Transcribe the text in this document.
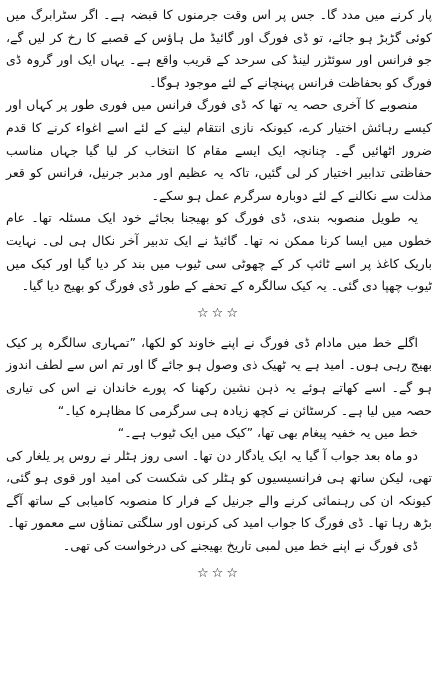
پار کرنے میں مدد گا۔ جس پر اس وقت جرمنوں کا قبضہ ہے۔ اگر سٹرابرگ میں کوئی گڑبڑ ہو جائے، تو ڈی فورگ اور گائیڈ مل ہاؤس کے قصبے کا رخ کر لیں گے، جو فرانس اور سوئٹزر لینڈ کی سرحد کے قریب واقع ہے۔ یہاں ایک اور گروہ ڈی فورگ کو بحفاظت فرانس پہنچانے کے لئے موجود ہوگا۔

منصوبے کا آخری حصہ یہ تھا کہ ڈی فورگ فرانس میں فوری طور پر کہاں اور کیسے رہائش اختیار کرے، کیونکہ نازی انتقام لینے کے لئے اسے اغواء کرنے کا قدم ضرور اٹھائیں گے۔ چنانچہ ایک ایسے مقام کا انتخاب کر لیا گیا جہاں مناسب حفاظتی تدابیر اختیار کر لی گئیں، تاکہ یہ عظیم اور مدبر جرنیل، فرانس کو قعر مذلت سے نکالنے کے لئے دوبارہ سرگرم عمل ہو سکے۔

یہ طویل منصوبہ بندی، ڈی فورگ کو بھیجنا بجائے خود ایک مسئلہ تھا۔ عام خطوں میں ایسا کرنا ممکن نہ تھا۔ گائیڈ نے ایک تدبیر آخر نکال ہی لی۔ نہایت باریک کاغذ پر اسے ٹائپ کر کے چھوٹی سی ٹیوب میں بند کر دیا گیا اور کیک میں ٹیوب چھپا دی گئی۔ یہ کیک سالگرہ کے تحفے کے طور ڈی فورگ کو بھیج دیا گیا۔

☆☆☆

اگلے خط میں مادام ڈی فورگ نے اپنے خاوند کو لکھا، ”تمہاری سالگرہ پر کیک بھیج رہی ہوں۔ امید ہے یہ ٹھیک ذی وصول ہو جائے گا اور تم اس سے لطف اندوز ہو گے۔ اسے کھاتے ہوئے یہ ذہن نشین رکھنا کہ پورے خاندان نے اس کی تیاری حصہ میں لیا ہے۔ کرسٹائن نے کچھ زیادہ ہی سرگرمی کا مظاہرہ کیا۔“

خط میں یہ خفیہ پیغام بھی تھا، ”کیک میں ایک ٹیوب ہے۔“

دو ماہ بعد جواب آ گیا یہ ایک یادگار دن تھا۔ اسی روز ہٹلر نے روس پر یلغار کی تھی، لیکن ساتھ ہی فرانسیسیوں کو ہٹلر کی شکست کی امید اور قوی ہو گئی، کیونکہ ان کی رہنمائی کرنے والے جرنیل کے فرار کا منصوبہ کامیابی کے ساتھ آگے بڑھ رہا تھا۔ ڈی فورگ کا جواب امید کی کرنوں اور سلگتی تمناؤں سے معمور تھا۔

ڈی فورگ نے اپنے خط میں لمبی تاریخ بھیجنے کی درخواست کی تھی۔

☆☆☆
